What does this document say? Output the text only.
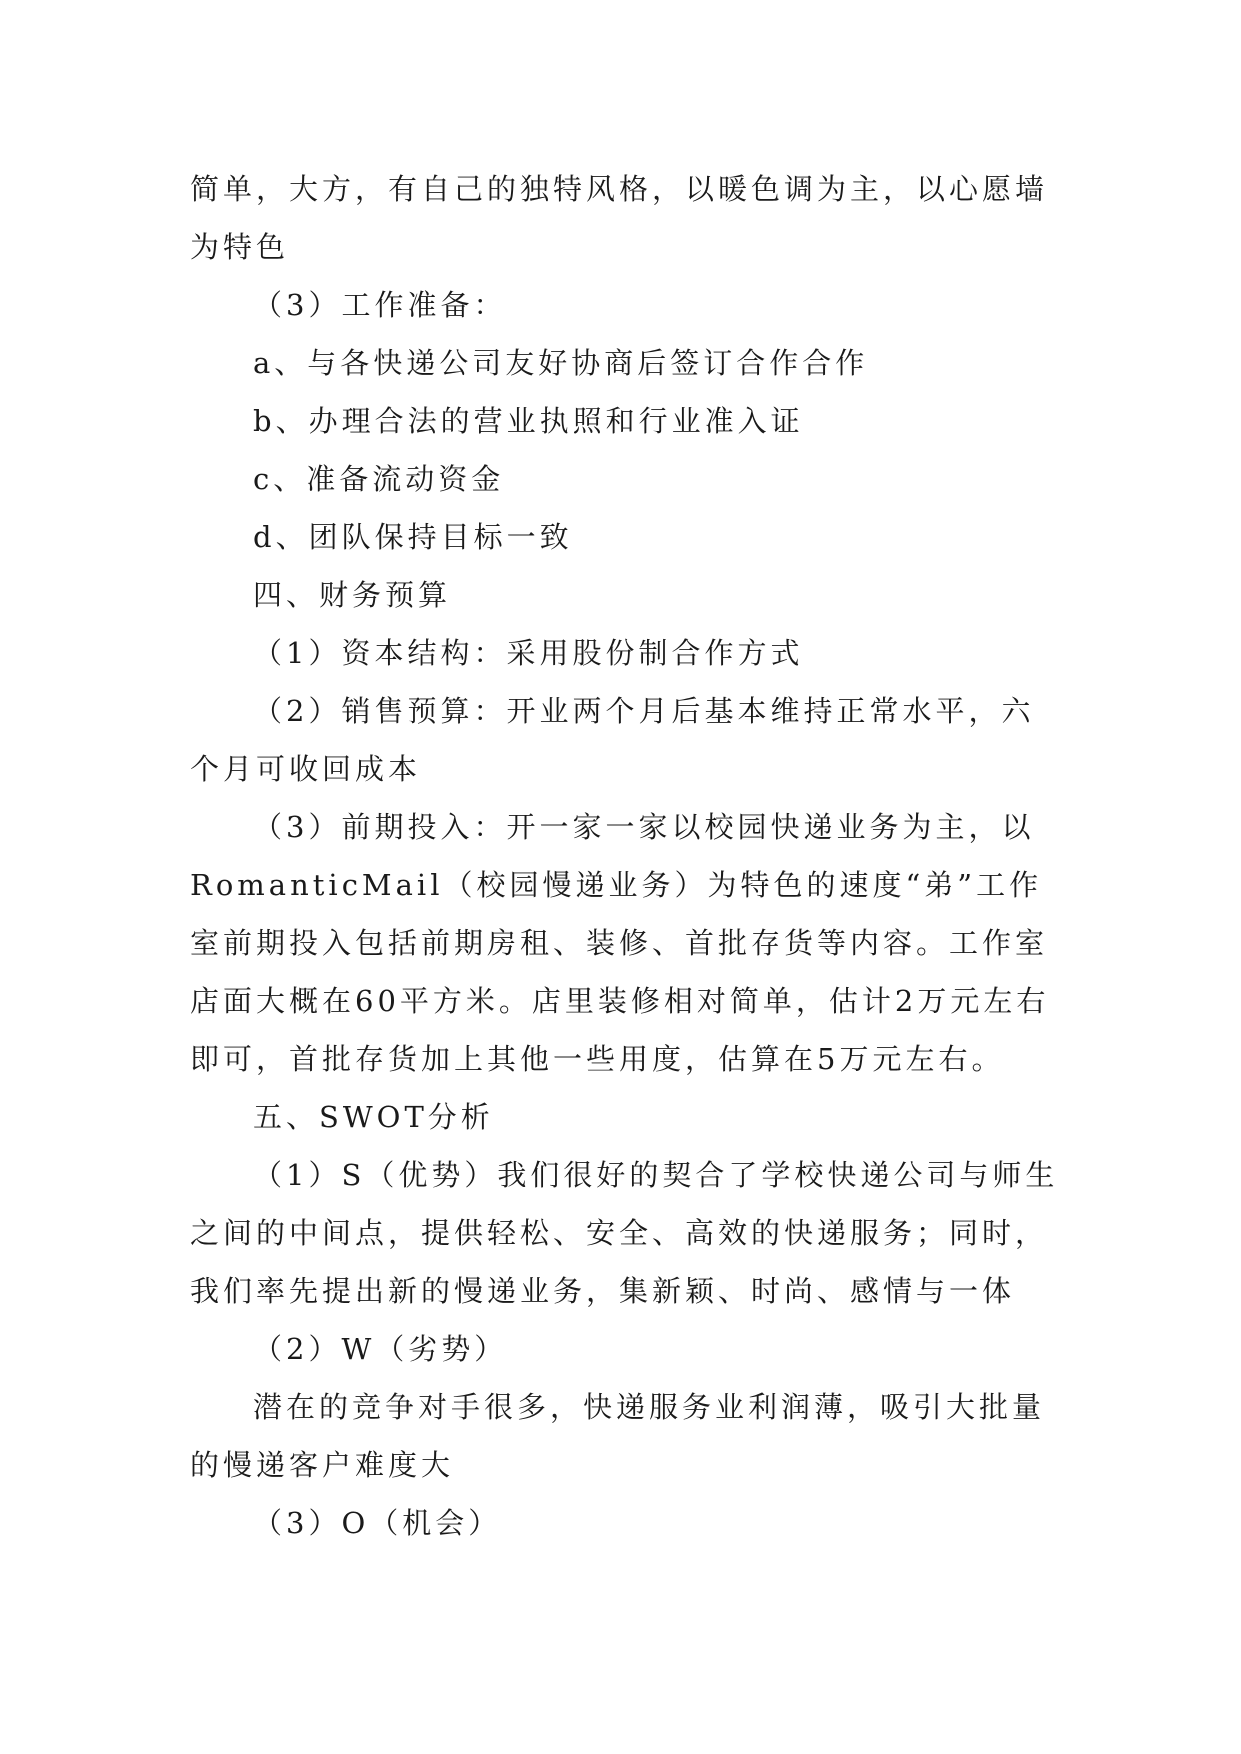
简单，大方，有自己的独特风格，以暖色调为主，以心愿墙为特色

（3）工作准备：

a、与各快递公司友好协商后签订合作合作

b、办理合法的营业执照和行业准入证

c、准备流动资金

d、团队保持目标一致

四、财务预算

（1）资本结构：采用股份制合作方式

（2）销售预算：开业两个月后基本维持正常水平，六个月可收回成本

（3）前期投入：开一家一家以校园快递业务为主，以RomanticMail（校园慢递业务）为特色的速度“弟”工作室前期投入包括前期房租、装修、首批存货等内容。工作室店面大概在60平方米。店里装修相对简单，估计2万元左右即可，首批存货加上其他一些用度，估算在5万元左右。

五、SWOT分析

（1）S（优势）我们很好的契合了学校快递公司与师生之间的中间点，提供轻松、安全、高效的快递服务；同时，我们率先提出新的慢递业务，集新颖、时尚、感情与一体

（2）W（劣势）

潜在的竞争对手很多，快递服务业利润薄，吸引大批量的慢递客户难度大

（3）O（机会）
